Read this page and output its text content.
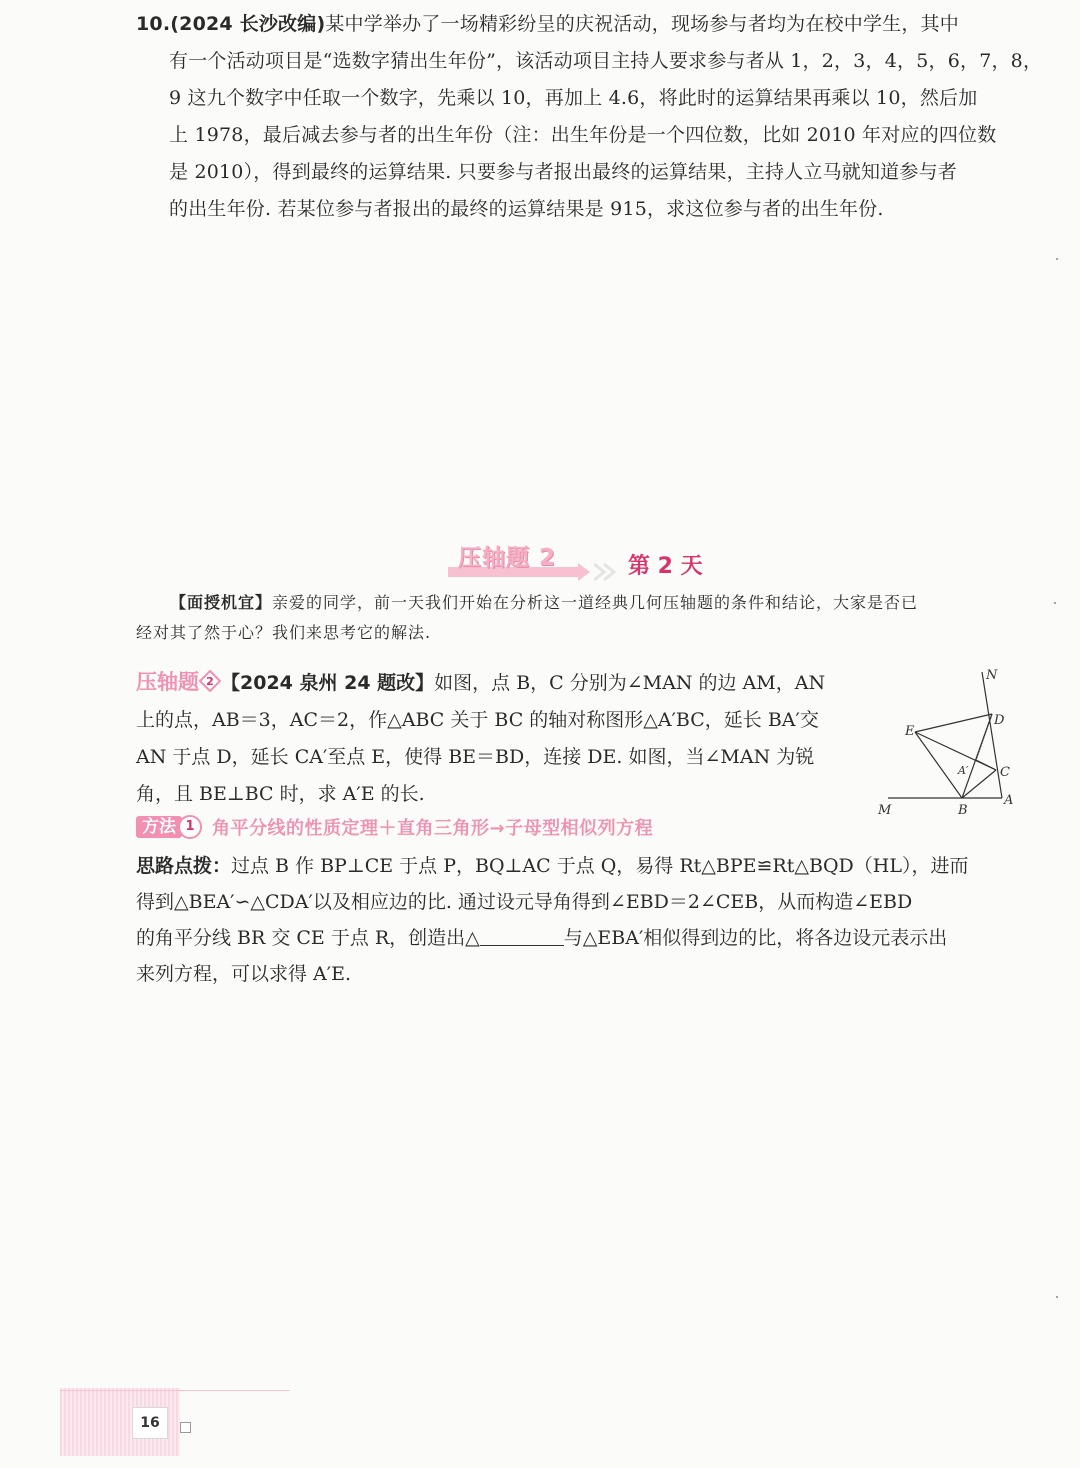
10.(2024 长沙改编)某中学举办了一场精彩纷呈的庆祝活动，现场参与者均为在校中学生，其中
有一个活动项目是“选数字猜出生年份”，该活动项目主持人要求参与者从 1，2，3，4，5，6，7，8，
9 这九个数字中任取一个数字，先乘以 10，再加上 4.6，将此时的运算结果再乘以 10，然后加
上 1978，最后减去参与者的出生年份（注：出生年份是一个四位数，比如 2010 年对应的四位数
是 2010），得到最终的运算结果. 只要参与者报出最终的运算结果，主持人立马就知道参与者
的出生年份. 若某位参与者报出的最终的运算结果是 915，求这位参与者的出生年份.
压轴题 2	第 2 天
【面授机宜】亲爱的同学，前一天我们开始在分析这一道经典几何压轴题的条件和结论，大家是否已
经对其了然于心？我们来思考它的解法.
压轴题 2 【2024 泉州 24 题改】如图，点 B，C 分别为∠MAN 的边 AM，AN
上的点，AB＝3，AC＝2，作△ABC 关于 BC 的轴对称图形△A′BC，延长 BA′交
AN 于点 D，延长 CA′至点 E，使得 BE＝BD，连接 DE. 如图，当∠MAN 为锐
角，且 BE⊥BC 时，求 A′E 的长.
N
D
E
C
A′
M	B
A
方法 1 角平分线的性质定理＋直角三角形→子母型相似列方程
思路点拨：过点 B 作 BP⊥CE 于点 P，BQ⊥AC 于点 Q，易得 Rt△BPE≌Rt△BQD（HL），进而
得到△BEA′∽△CDA′以及相应边的比. 通过设元导角得到∠EBD＝2∠CEB，从而构造∠EBD
的角平分线 BR 交 CE 于点 R，创造出△	与△EBA′相似得到边的比，将各边设元表示出
来列方程，可以求得 A′E.
16
